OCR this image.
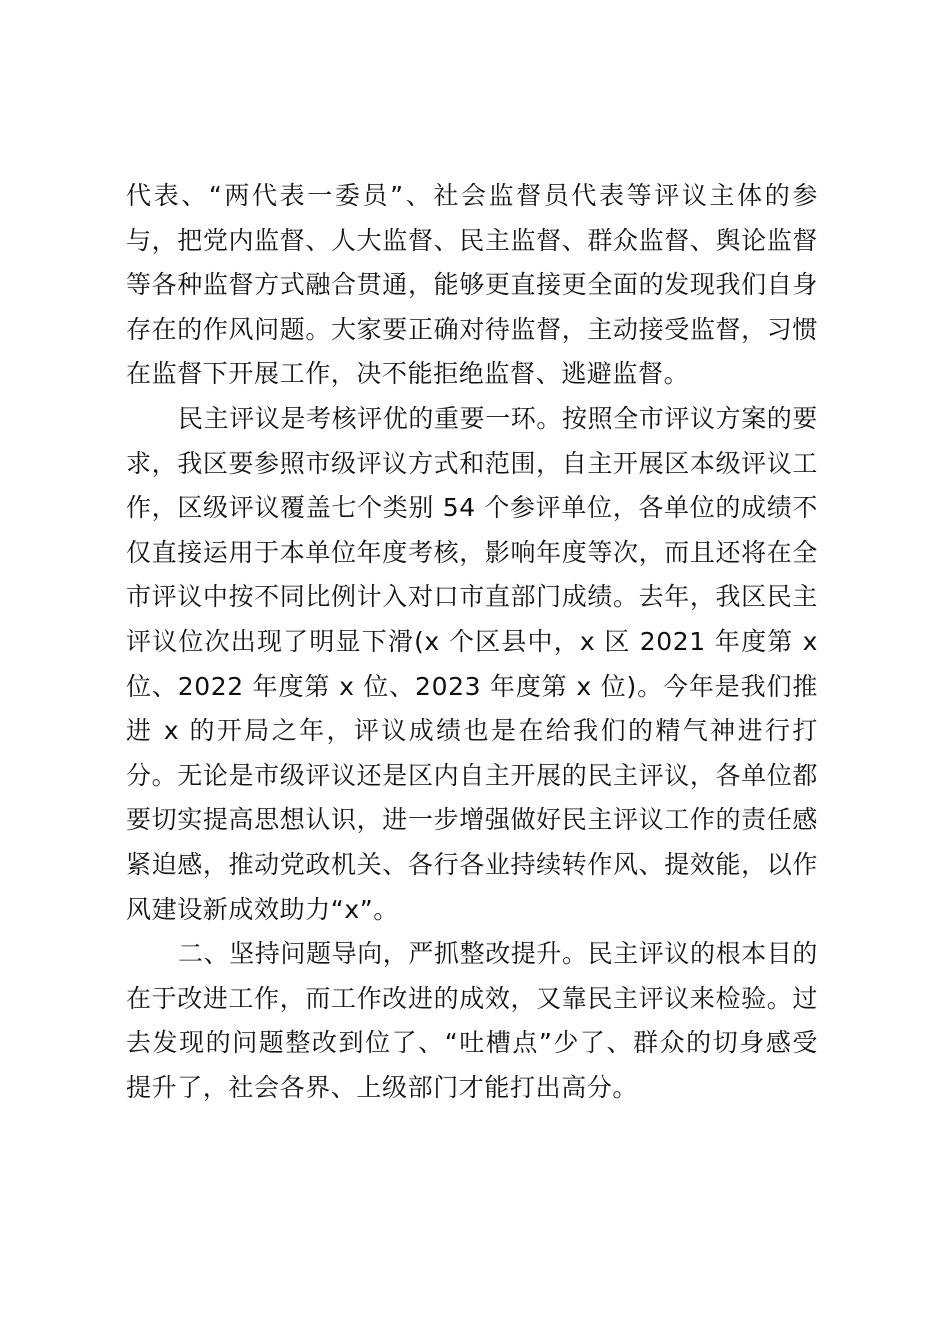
代表、“两代表一委员”、社会监督员代表等评议主体的参与，把党内监督、人大监督、民主监督、群众监督、舆论监督等各种监督方式融合贯通，能够更直接更全面的发现我们自身存在的作风问题。大家要正确对待监督，主动接受监督，习惯在监督下开展工作，决不能拒绝监督、逃避监督。

民主评议是考核评优的重要一环。按照全市评议方案的要求，我区要参照市级评议方式和范围，自主开展区本级评议工作，区级评议覆盖七个类别 54 个参评单位，各单位的成绩不仅直接运用于本单位年度考核，影响年度等次，而且还将在全市评议中按不同比例计入对口市直部门成绩。去年，我区民主评议位次出现了明显下滑(x 个区县中，x 区 2021 年度第 x 位、2022 年度第 x 位、2023 年度第 x 位)。今年是我们推进 x 的开局之年，评议成绩也是在给我们的精气神进行打分。无论是市级评议还是区内自主开展的民主评议，各单位都要切实提高思想认识，进一步增强做好民主评议工作的责任感紧迫感，推动党政机关、各行各业持续转作风、提效能，以作风建设新成效助力“x”。

二、坚持问题导向，严抓整改提升。民主评议的根本目的在于改进工作，而工作改进的成效，又靠民主评议来检验。过去发现的问题整改到位了、“吐槽点”少了、群众的切身感受提升了，社会各界、上级部门才能打出高分。
